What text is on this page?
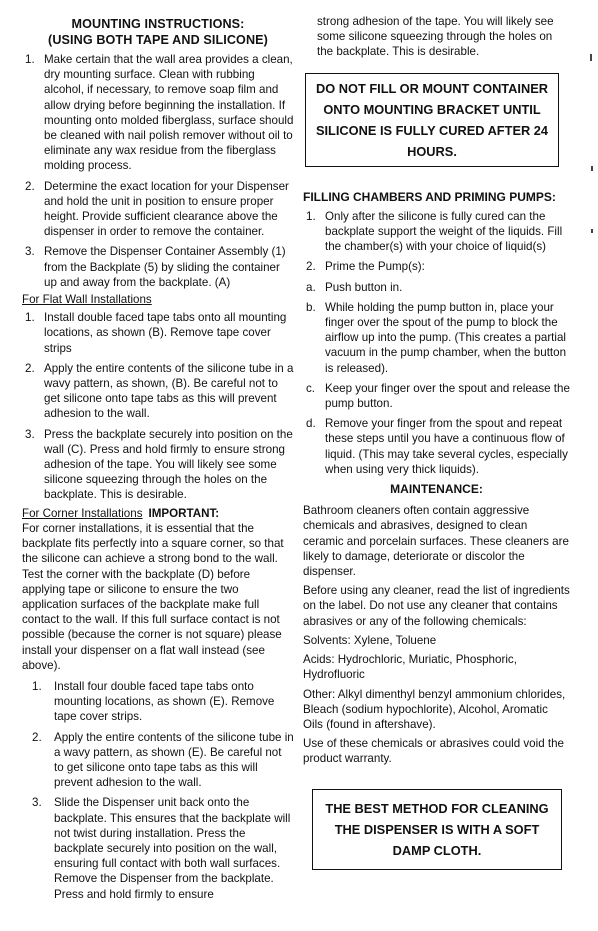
MOUNTING INSTRUCTIONS:
(USING BOTH TAPE AND SILICONE)
1. Make certain that the wall area provides a clean, dry mounting surface. Clean with rubbing alcohol, if necessary, to remove soap film and allow drying before beginning the installation. If mounting onto molded fiberglass, surface should be cleaned with nail polish remover without oil to eliminate any wax residue from the fiberglass molding process.
2. Determine the exact location for your Dispenser and hold the unit in position to ensure proper height. Provide sufficient clearance above the dispenser in order to remove the container.
3. Remove the Dispenser Container Assembly (1) from the Backplate (5) by sliding the container up and away from the backplate. (A)
For Flat Wall Installations
1. Install double faced tape tabs onto all mounting locations, as shown (B). Remove tape cover strips
2. Apply the entire contents of the silicone tube in a wavy pattern, as shown, (B). Be careful not to get silicone onto tape tabs as this will prevent adhesion to the wall.
3. Press the backplate securely into position on the wall (C). Press and hold firmly to ensure strong adhesion of the tape. You will likely see some silicone squeezing through the holes on the backplate. This is desirable.
For Corner Installations IMPORTANT:
For corner installations, it is essential that the backplate fits perfectly into a square corner, so that the silicone can achieve a strong bond to the wall. Test the corner with the backplate (D) before applying tape or silicone to ensure the two application surfaces of the backplate make full contact to the wall. If this full surface contact is not possible (because the corner is not square) please install your dispenser on a flat wall instead (see above).
1.	Install four double faced tape tabs onto mounting locations, as shown (E). Remove tape cover strips.
2.	Apply the entire contents of the silicone tube in a wavy pattern, as shown (E). Be careful not to get silicone onto tape tabs as this will prevent adhesion to the wall.
3.	Slide the Dispenser unit back onto the backplate. This ensures that the backplate will not twist during installation. Press the backplate securely into position on the wall, ensuring full contact with both wall surfaces. Remove the Dispenser from the backplate. Press and hold firmly to ensure
strong adhesion of the tape. You will likely see some silicone squeezing through the holes on the backplate. This is desirable.
DO NOT FILL OR MOUNT CONTAINER ONTO MOUNTING BRACKET UNTIL SILICONE IS FULLY CURED AFTER 24 HOURS.
FILLING CHAMBERS AND PRIMING PUMPS:
1. Only after the silicone is fully cured can the backplate support the weight of the liquids. Fill the chamber(s) with your choice of liquid(s)
2. Prime the Pump(s):
a. Push button in.
b. While holding the pump button in, place your finger over the spout of the pump to block the airflow up into the pump. (This creates a partial vacuum in the pump chamber, when the button is released).
c. Keep your finger over the spout and release the pump button.
d. Remove your finger from the spout and repeat these steps until you have a continuous flow of liquid. (This may take several cycles, especially when using very thick liquids).
MAINTENANCE:
Bathroom cleaners often contain aggressive chemicals and abrasives, designed to clean ceramic and porcelain surfaces. These cleaners are likely to damage, deteriorate or discolor the dispenser.
Before using any cleaner, read the list of ingredients on the label. Do not use any cleaner that contains abrasives or any of the following chemicals:
Solvents: Xylene, Toluene
Acids: Hydrochloric, Muriatic, Phosphoric, Hydrofluoric
Other: Alkyl dimenthyl benzyl ammonium chlorides, Bleach (sodium hypochlorite), Alcohol, Aromatic Oils (found in aftershave).
Use of these chemicals or abrasives could void the product warranty.
THE BEST METHOD FOR CLEANING THE DISPENSER IS WITH A SOFT DAMP CLOTH.
